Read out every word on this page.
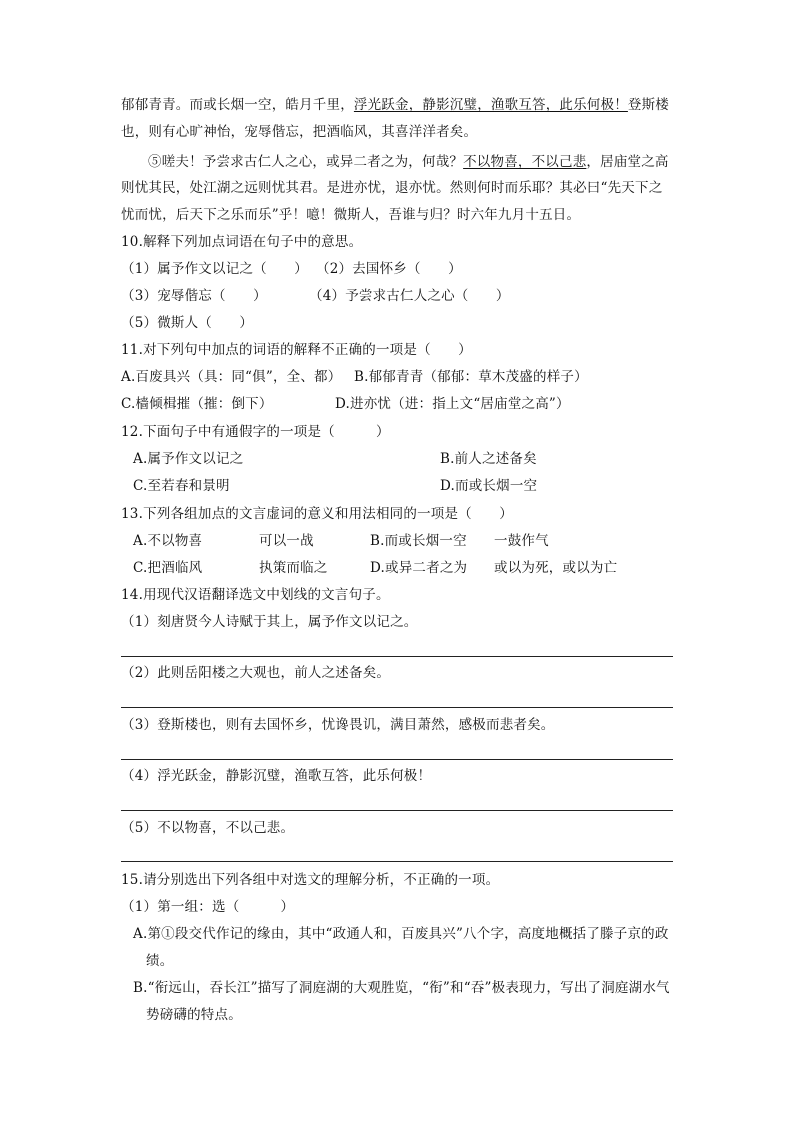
郁郁青青。而或长烟一空，皓月千里，浮光跃金，静影沉璧，渔歌互答，此乐何极！登斯楼
也，则有心旷神怡，宠辱偕忘，把酒临风，其喜洋洋者矣。
⑤嗟夫！予尝求古仁人之心，或异二者之为，何哉？不以物喜，不以己悲，居庙堂之高
则忧其民，处江湖之远则忧其君。是进亦忧，退亦忧。然则何时而乐耶？其必曰“先天下之
忧而忧，后天下之乐而乐”乎！噫！微斯人，吾谁与归？时六年九月十五日。
10.解释下列加点词语在句子中的意思。
（1）属予作文以记之（　　） （2）去国怀乡（　　）
（3）宠辱偕忘（　　）	（4）予尝求古仁人之心（　　）
（5）微斯人（　　）
11.对下列句中加点的词语的解释不正确的一项是（　　）
A.百废具兴（具：同“俱”，全、都） B.郁郁青青（郁郁：草木茂盛的样子）
C.樯倾楫摧（摧：倒下）	D.进亦忧（进：指上文“居庙堂之高”）
12.下面句子中有通假字的一项是（　　　）
A.属予作文以记之	B.前人之述备矣
C.至若春和景明	D.而或长烟一空
13.下列各组加点的文言虚词的意义和用法相同的一项是（　　）
A.不以物喜	可以一战	B.而或长烟一空 一鼓作气
C.把酒临风	执策而临之	D.或异二者之为 或以为死，或以为亡
14.用现代汉语翻译选文中划线的文言句子。
（1）刻唐贤今人诗赋于其上，属予作文以记之。
（2）此则岳阳楼之大观也，前人之述备矣。
（3）登斯楼也，则有去国怀乡，忧谗畏讥，满目萧然，感极而悲者矣。
（4）浮光跃金，静影沉璧，渔歌互答，此乐何极！
（5）不以物喜，不以己悲。
15.请分别选出下列各组中对选文的理解分析，不正确的一项。
（1）第一组：选（　　　）
A.第①段交代作记的缘由，其中“政通人和，百废具兴”八个字，高度地概括了滕子京的政
绩。
B.“衔远山，吞长江”描写了洞庭湖的大观胜览，“衔”和“吞”极表现力，写出了洞庭湖水气
势磅礴的特点。
